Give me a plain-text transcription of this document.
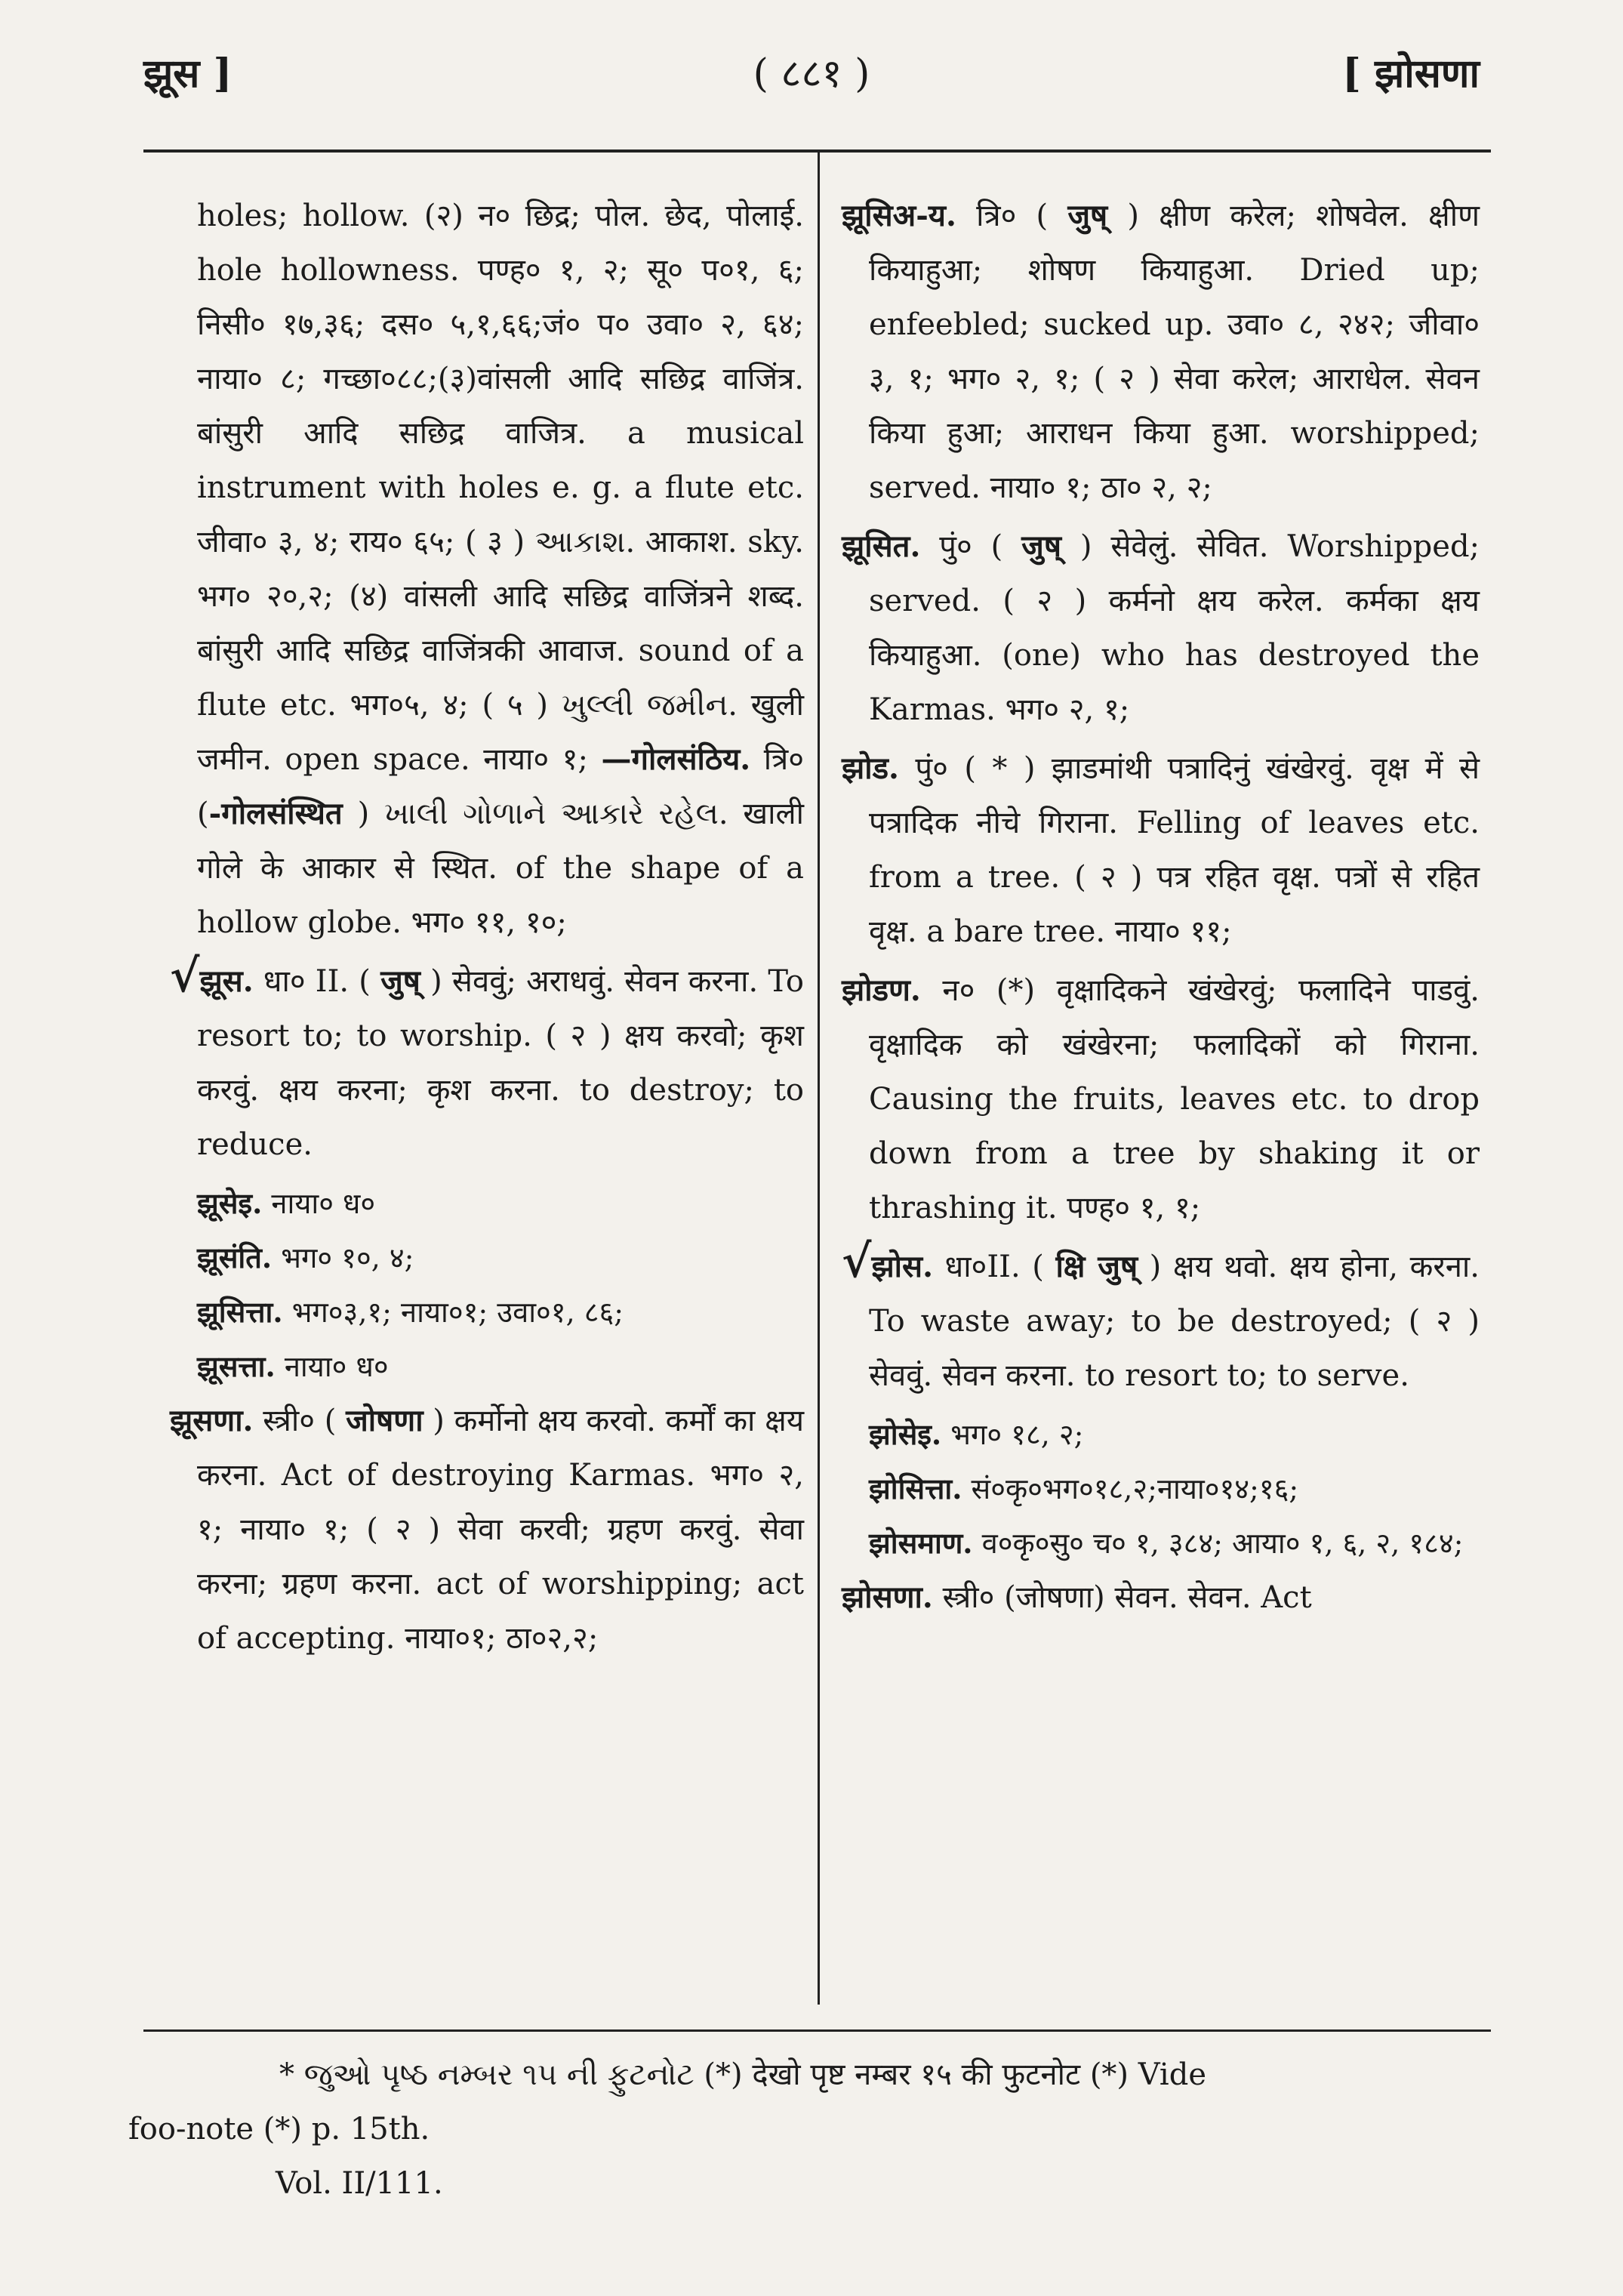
झूस ]	( ८८१ )	[ झोसणा

holes; hollow. (२) न० छिद्र; पोल. छेद, पोलाई. hole hollowness. पण्ह० १, २; सू० प०१, ६; निसी० १७,३६; दस० ५,१,६६;जं० प० उवा० २, ६४; नाया० ८; गच्छा०८८;(३)वांसली आदि सछिद्र वाजिंत्र. बांसुरी आदि सछिद्र वाजित्र. a musical instrument with holes e. g. a flute etc. जीवा० ३, ४; राय० ६५; ( ३ ) આકાશ. आकाश. sky. भग० २०,२; (४) वांसली आदि सछिद्र वाजिंत्रने शब्द. बांसुरी आदि सछिद्र वाजिंत्रकी आवाज. sound of a flute etc. भग०५, ४; ( ५ ) ખુલ્લી જમીન. खुली जमीन. open space. नाया० १; —गोलसंठिय. त्रि० (-गोलसंस्थित ) ખાલી ગોળાને આકારે રહેલ. खाली गोले के आकार से स्थित. of the shape of a hollow globe. भग० ११, १०;

√झूस. धा० II. ( जुष् ) सेववुं; अराधवुं. सेवन करना. To resort to; to worship. ( २ ) क्षय करवो; कृश करवुं. क्षय करना; कृश करना. to destroy; to reduce.

झूसेइ. नाया० ध०

झूसंति. भग० १०, ४;

झूसित्ता. भग०३,१; नाया०१; उवा०१, ८६;

झूसत्ता. नाया० ध०

झूसणा. स्त्री० ( जोषणा ) कर्मोनो क्षय करवो. कर्मों का क्षय करना. Act of destroying Karmas. भग० २, १; नाया० १; ( २ ) सेवा करवी; ग्रहण करवुं. सेवा करना; ग्रहण करना. act of worshipping; act of accepting. नाया०१; ठा०२,२;

झूसिअ-य. त्रि० ( जुष् ) क्षीण करेल; शोषवेल. क्षीण कियाहुआ; शोषण कियाहुआ. Dried up; enfeebled; sucked up. उवा० ८, २४२; जीवा० ३, १; भग० २, १; ( २ ) सेवा करेल; आराधेल. सेवन किया हुआ; आराधन किया हुआ. worshipped; served. नाया० १; ठा० २, २;

झूसित. पुं० ( जुष् ) सेवेलुं. सेवित. Worshipped; served. ( २ ) कर्मनो क्षय करेल. कर्मका क्षय कियाहुआ. (one) who has destroyed the Karmas. भग० २, १;

झोड. पुं० ( * ) झाडमांथी पत्रादिनुं खंखेरवुं. वृक्ष में से पत्रादिक नीचे गिराना. Felling of leaves etc. from a tree. ( २ ) पत्र रहित वृक्ष. पत्रों से रहित वृक्ष. a bare tree. नाया० ११;

झोडण. न० (*) वृक्षादिकने खंखेरवुं; फलादिने पाडवुं. वृक्षादिक को खंखेरना; फलादिकों को गिराना. Causing the fruits, leaves etc. to drop down from a tree by shaking it or thrashing it. पण्ह० १, १;

√झोस. धा०II. ( क्षि जुष् ) क्षय थवो. क्षय होना, करना. To waste away; to be destroyed; ( २ ) सेववुं. सेवन करना. to resort to; to serve.

झोसेइ. भग० १८, २;

झोसित्ता. सं०कृ०भग०१८,२;नाया०१४;१६;

झोसमाण. व०कृ०सु० च० १, ३८४; आया० १, ६, २, १८४;

झोसणा. स्त्री० (जोषणा) सेवन. सेवन. Act

* જુઓ પૃષ્ઠ નમ્બર ૧૫ ની ફુટનોટ (*) देखो पृष्ट नम्बर १५ की फुटनोट (*) Vide
foo-note (*) p. 15th.
Vol. II/111.
